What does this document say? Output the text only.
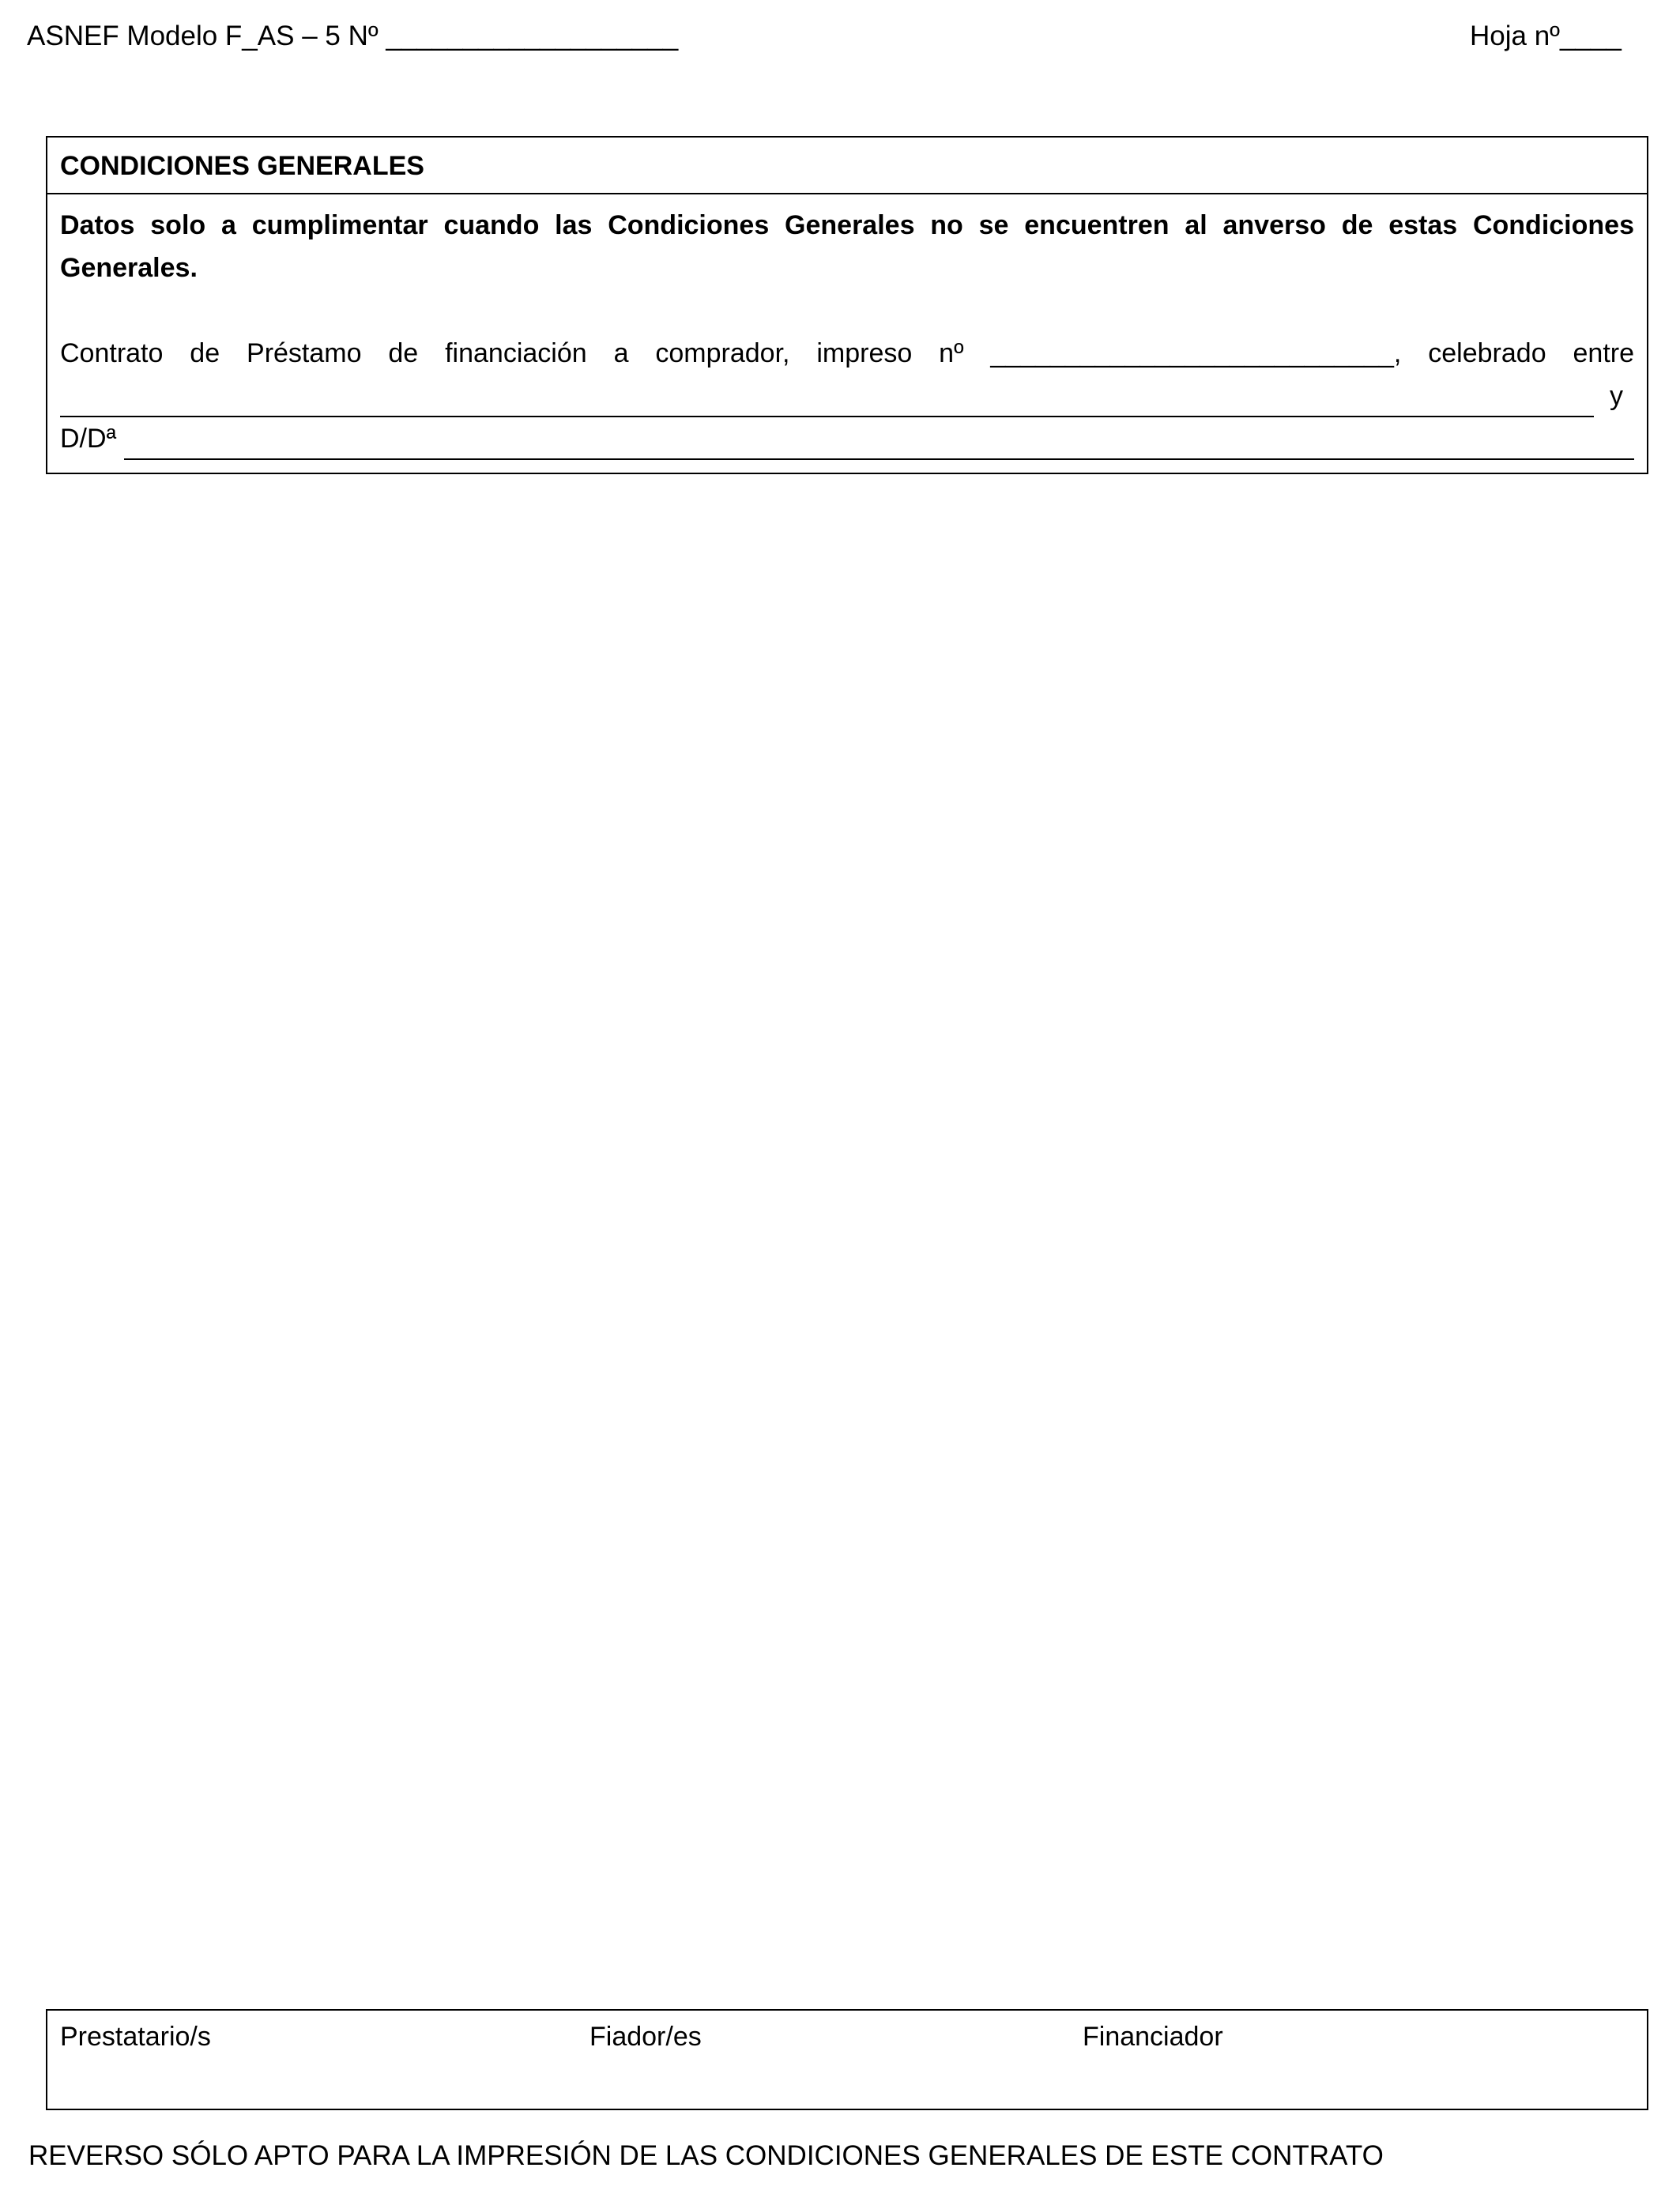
ASNEF Modelo F_AS – 5 Nº ___________________	Hoja nº____
CONDICIONES GENERALES
Datos solo a cumplimentar cuando las Condiciones Generales no se encuentren al anverso de estas Condiciones
Generales.
Contrato de Préstamo de financiación a comprador, impreso nº ___________________________, celebrado entre
y
D/Dª
Prestatario/s	Fiador/es	Financiador
REVERSO SÓLO APTO PARA LA IMPRESIÓN DE LAS CONDICIONES GENERALES DE ESTE CONTRATO
